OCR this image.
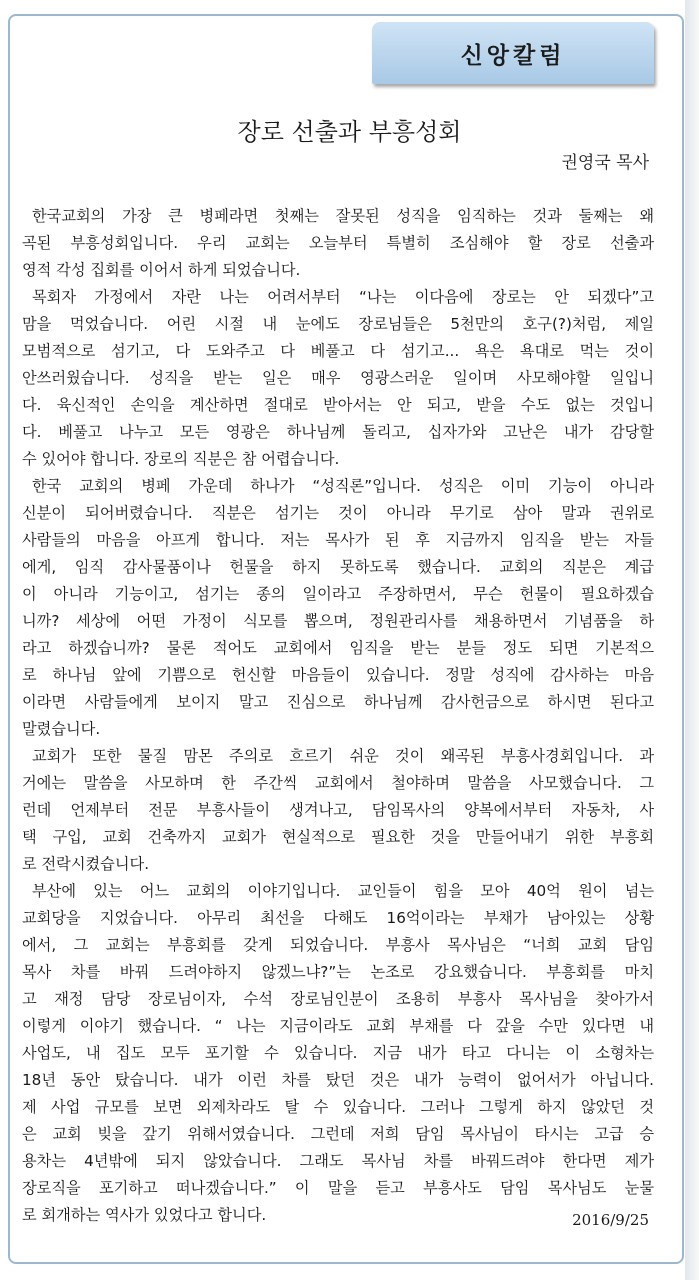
신앙칼럼
장로 선출과 부흥성회
권영국 목사
한국교회의 가장 큰 병페라면 첫째는 잘못된 성직을 임직하는 것과 둘째는 왜
곡된 부흥성회입니다. 우리 교회는 오늘부터 특별히 조심해야 할 장로 선출과
영적 각성 집회를 이어서 하게 되었습니다.
목회자 가정에서 자란 나는 어려서부터 “나는 이다음에 장로는 안 되겠다”고
맘을 먹었습니다. 어린 시절 내 눈에도 장로님들은 5천만의 호구(?)처럼, 제일
모범적으로 섬기고, 다 도와주고 다 베풀고 다 섬기고... 욕은 욕대로 먹는 것이
안쓰러웠습니다. 성직을 받는 일은 매우 영광스러운 일이며 사모해야할 일입니
다. 육신적인 손익을 계산하면 절대로 받아서는 안 되고, 받을 수도 없는 것입니
다. 베풀고 나누고 모든 영광은 하나님께 돌리고, 십자가와 고난은 내가 감당할
수 있어야 합니다. 장로의 직분은 참 어렵습니다.
한국 교회의 병페 가운데 하나가 “성직론”입니다. 성직은 이미 기능이 아니라
신분이 되어버렸습니다. 직분은 섬기는 것이 아니라 무기로 삼아 말과 권위로
사람들의 마음을 아프게 합니다. 저는 목사가 된 후 지금까지 임직을 받는 자들
에게, 임직 감사물품이나 헌물을 하지 못하도록 했습니다. 교회의 직분은 계급
이 아니라 기능이고, 섬기는 종의 일이라고 주장하면서, 무슨 헌물이 필요하겠습
니까? 세상에 어떤 가정이 식모를 뽑으며, 정원관리사를 채용하면서 기념품을 하
라고 하겠습니까? 물론 적어도 교회에서 임직을 받는 분들 정도 되면 기본적으
로 하나님 앞에 기쁨으로 헌신할 마음들이 있습니다. 정말 성직에 감사하는 마음
이라면 사람들에게 보이지 말고 진심으로 하나님께 감사헌금으로 하시면 된다고
말렸습니다.
교회가 또한 물질 맘몬 주의로 흐르기 쉬운 것이 왜곡된 부흥사경회입니다. 과
거에는 말씀을 사모하며 한 주간씩 교회에서 철야하며 말씀을 사모했습니다. 그
런데 언제부터 전문 부흥사들이 생겨나고, 담임목사의 양복에서부터 자동차, 사
택 구입, 교회 건축까지 교회가 현실적으로 필요한 것을 만들어내기 위한 부흥회
로 전락시켰습니다.
부산에 있는 어느 교회의 이야기입니다. 교인들이 힘을 모아 40억 원이 넘는
교회당을 지었습니다. 아무리 최선을 다해도 16억이라는 부채가 남아있는 상황
에서, 그 교회는 부흥회를 갖게 되었습니다. 부흥사 목사님은 “너희 교회 담임
목사 차를 바꿔 드려야하지 않겠느냐?”는 논조로 강요했습니다. 부흥회를 마치
고 재정 담당 장로님이자, 수석 장로님인분이 조용히 부흥사 목사님을 찾아가서
이렇게 이야기 했습니다. “ 나는 지금이라도 교회 부채를 다 갚을 수만 있다면 내
사업도, 내 집도 모두 포기할 수 있습니다. 지금 내가 타고 다니는 이 소형차는
18년 동안 탔습니다. 내가 이런 차를 탔던 것은 내가 능력이 없어서가 아닙니다.
제 사업 규모를 보면 외제차라도 탈 수 있습니다. 그러나 그렇게 하지 않았던 것
은 교회 빚을 갚기 위해서였습니다. 그런데 저희 담임 목사님이 타시는 고급 승
용차는 4년밖에 되지 않았습니다. 그래도 목사님 차를 바꿔드려야 한다면 제가
장로직을 포기하고 떠나겠습니다.” 이 말을 듣고 부흥사도 담임 목사님도 눈물
로 회개하는 역사가 있었다고 합니다.	2016/9/25
